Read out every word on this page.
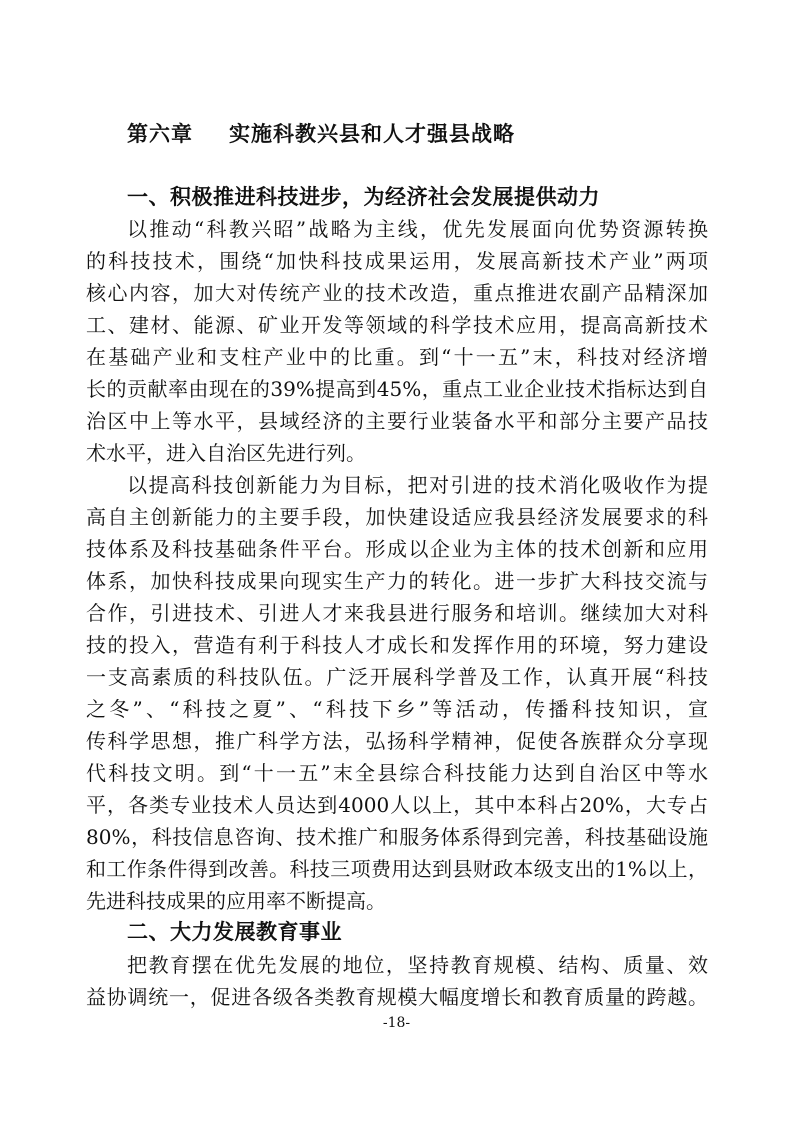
第六章 实施科教兴县和人才强县战略
一、积极推进科技进步，为经济社会发展提供动力
以推动“科教兴昭”战略为主线，优先发展面向优势资源转换
的科技技术，围绕“加快科技成果运用，发展高新技术产业”两项
核心内容，加大对传统产业的技术改造，重点推进农副产品精深加
工、建材、能源、矿业开发等领域的科学技术应用，提高高新技术
在基础产业和支柱产业中的比重。到“十一五”末，科技对经济增
长的贡献率由现在的39%提高到45%，重点工业企业技术指标达到自
治区中上等水平，县域经济的主要行业装备水平和部分主要产品技
术水平，进入自治区先进行列。
以提高科技创新能力为目标，把对引进的技术消化吸收作为提
高自主创新能力的主要手段，加快建设适应我县经济发展要求的科
技体系及科技基础条件平台。形成以企业为主体的技术创新和应用
体系，加快科技成果向现实生产力的转化。进一步扩大科技交流与
合作，引进技术、引进人才来我县进行服务和培训。继续加大对科
技的投入，营造有利于科技人才成长和发挥作用的环境，努力建设
一支高素质的科技队伍。广泛开展科学普及工作，认真开展“科技
之冬”、“科技之夏”、“科技下乡”等活动，传播科技知识，宣
传科学思想，推广科学方法，弘扬科学精神，促使各族群众分享现
代科技文明。到“十一五”末全县综合科技能力达到自治区中等水
平，各类专业技术人员达到4000人以上，其中本科占20%，大专占
80%，科技信息咨询、技术推广和服务体系得到完善，科技基础设施
和工作条件得到改善。科技三项费用达到县财政本级支出的1%以上，
先进科技成果的应用率不断提高。
二、大力发展教育事业
把教育摆在优先发展的地位，坚持教育规模、结构、质量、效
益协调统一，促进各级各类教育规模大幅度增长和教育质量的跨越。
-18-
